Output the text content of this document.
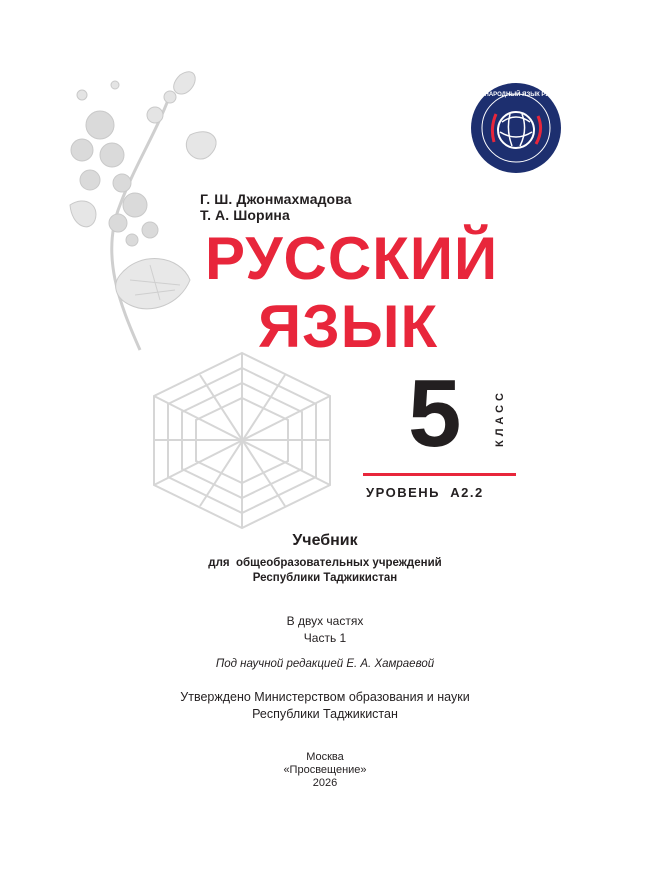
МЕЖДУНАРОДНЫЙ ЯЗЫК РУССКИЙ
Г. Ш. Джонмахмадова
Т. А. Шорина
РУССКИЙ
ЯЗЫК
5	КЛАСС
УРОВЕНЬ  А2.2
Учебник
для  общеобразовательных учреждений
Республики Таджикистан
В двух частях
Часть 1
Под научной редакцией Е. А. Хамраевой
Утверждено Министерством образования и науки
Республики Таджикистан
Москва
«Просвещение»
2026
